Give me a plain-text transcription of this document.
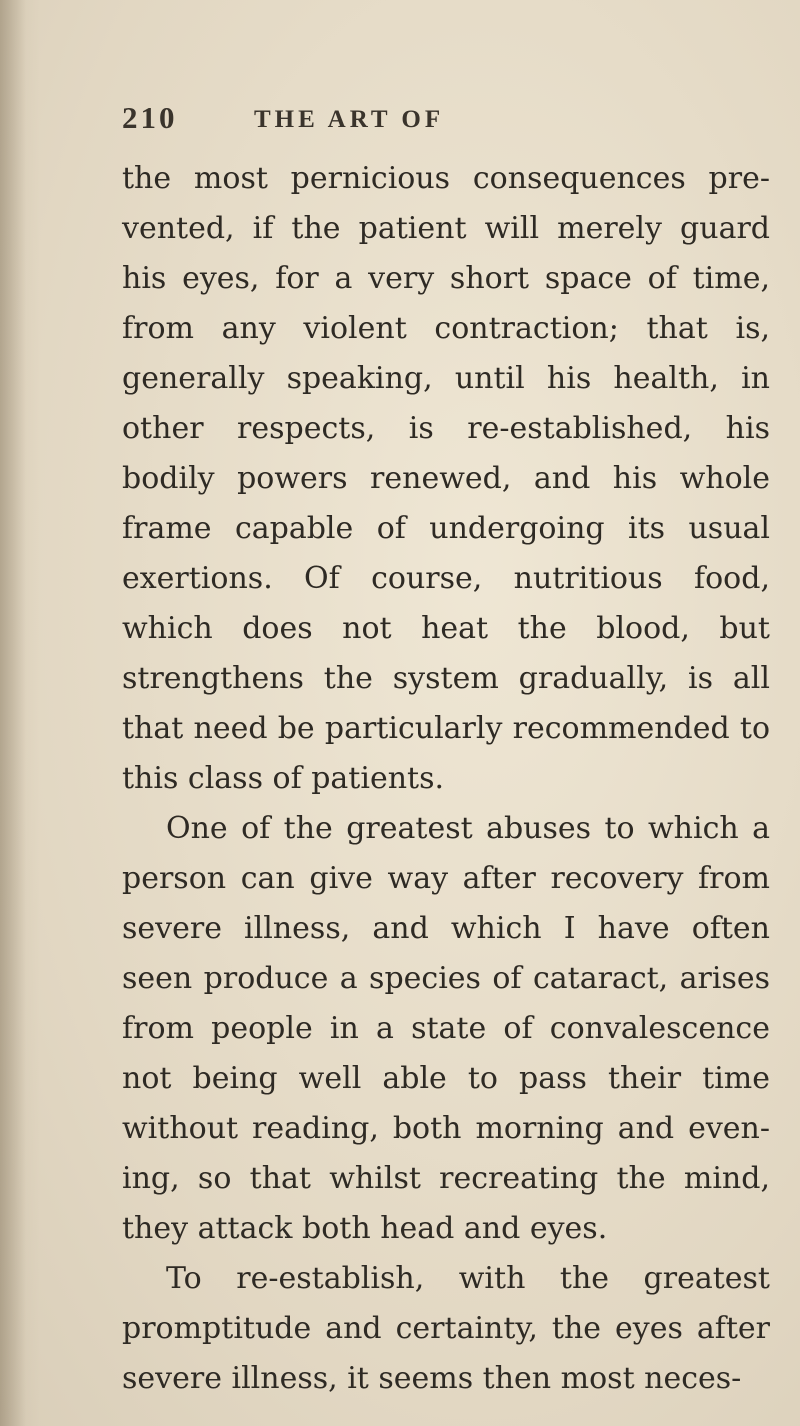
210	THE ART OF

the most pernicious consequences pre-vented, if the patient will merely guard his eyes, for a very short space of time, from any violent contraction; that is, generally speaking, until his health, in other respects, is re-established, his bodily powers renewed, and his whole frame capable of undergoing its usual exertions. Of course, nutritious food, which does not heat the blood, but strengthens the system gradually, is all that need be particularly recommended to this class of patients.

One of the greatest abuses to which a person can give way after recovery from severe illness, and which I have often seen produce a species of cataract, arises from people in a state of convalescence not being well able to pass their time without reading, both morning and even-ing, so that whilst recreating the mind, they attack both head and eyes.

To re-establish, with the greatest promptitude and certainty, the eyes after severe illness, it seems then most neces-
